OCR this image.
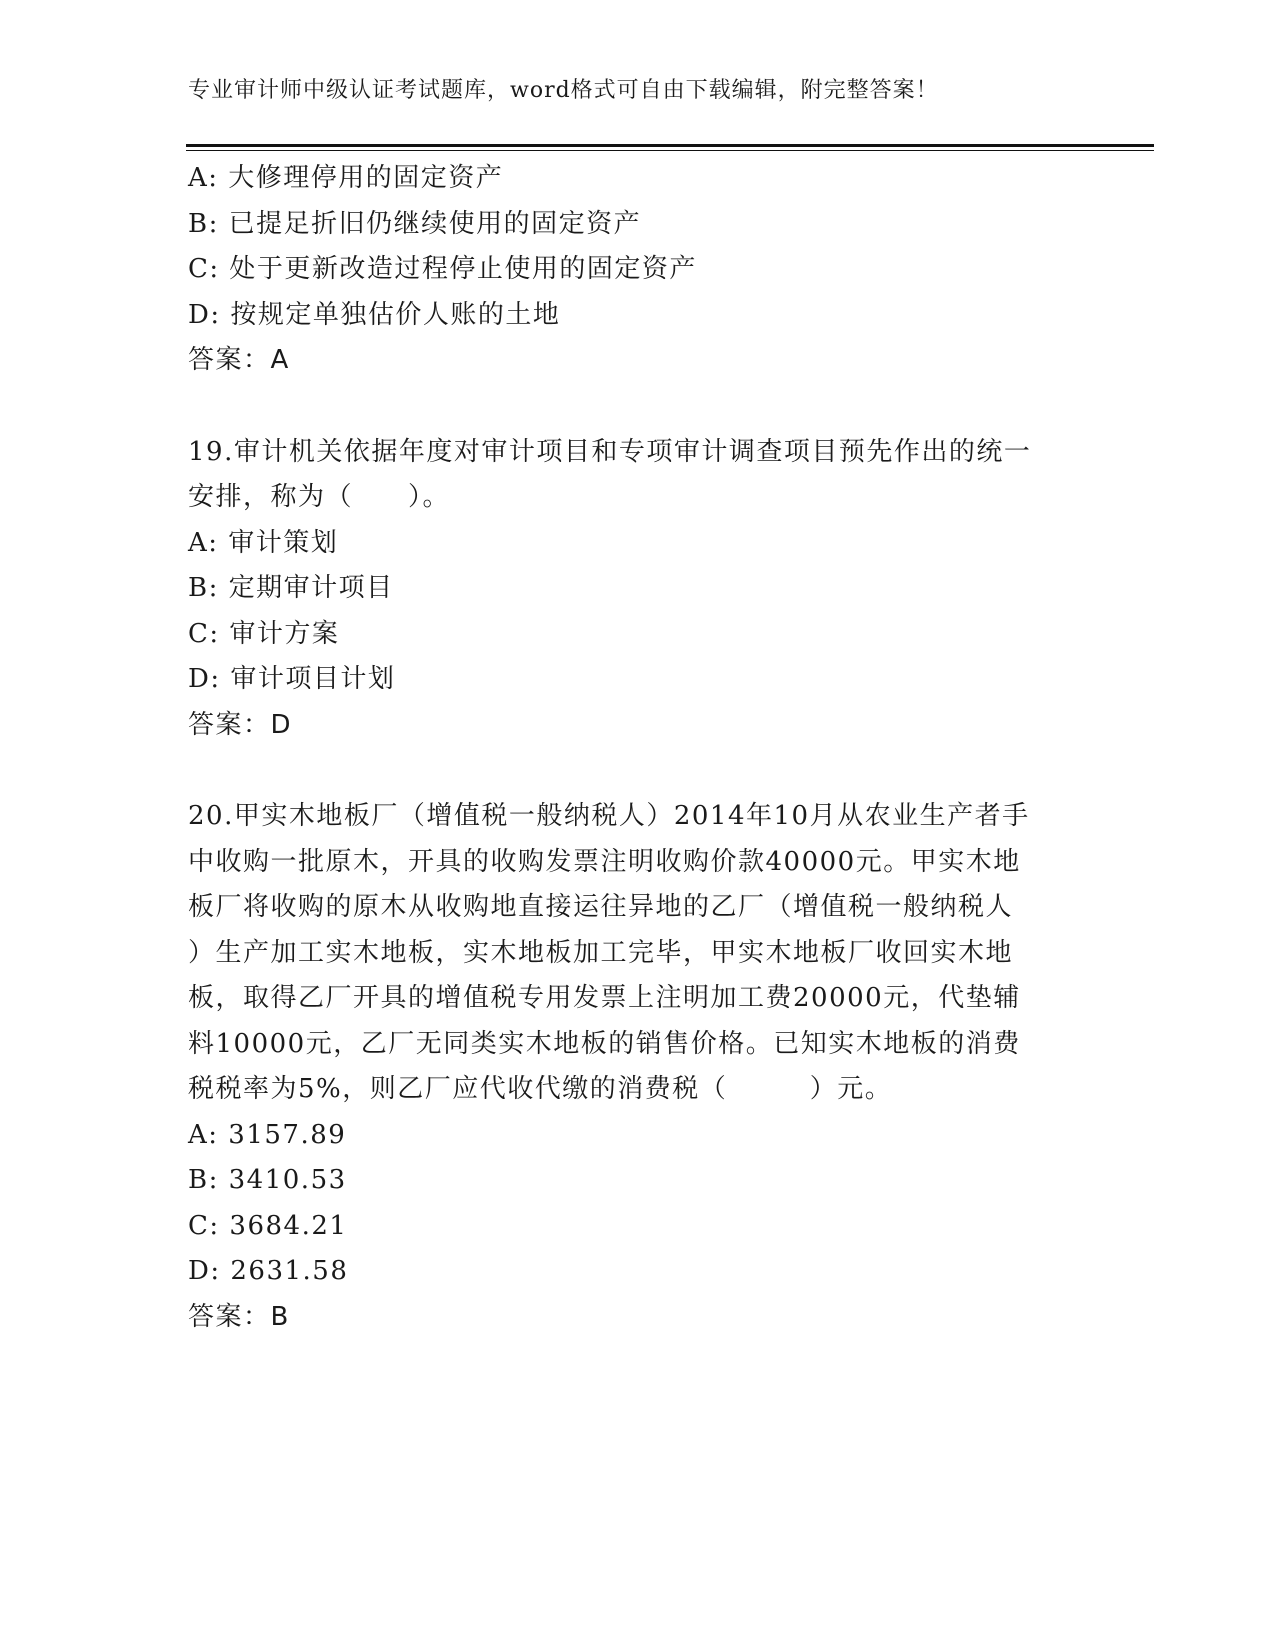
专业审计师中级认证考试题库，word格式可自由下载编辑，附完整答案！

A: 大修理停用的固定资产

B: 已提足折旧仍继续使用的固定资产

C: 处于更新改造过程停止使用的固定资产

D: 按规定单独估价人账的土地

答案：A

19.审计机关依据年度对审计项目和专项审计调查项目预先作出的统一

安排，称为（　　）。

A: 审计策划

B: 定期审计项目

C: 审计方案

D: 审计项目计划

答案：D

20.甲实木地板厂（增值税一般纳税人）2014年10月从农业生产者手

中收购一批原木，开具的收购发票注明收购价款40000元。甲实木地

板厂将收购的原木从收购地直接运往异地的乙厂（增值税一般纳税人

）生产加工实木地板，实木地板加工完毕，甲实木地板厂收回实木地

板，取得乙厂开具的增值税专用发票上注明加工费20000元，代垫辅

料10000元，乙厂无同类实木地板的销售价格。已知实木地板的消费

税税率为5%，则乙厂应代收代缴的消费税（　　　）元。

A: 3157.89

B: 3410.53

C: 3684.21

D: 2631.58

答案：B
